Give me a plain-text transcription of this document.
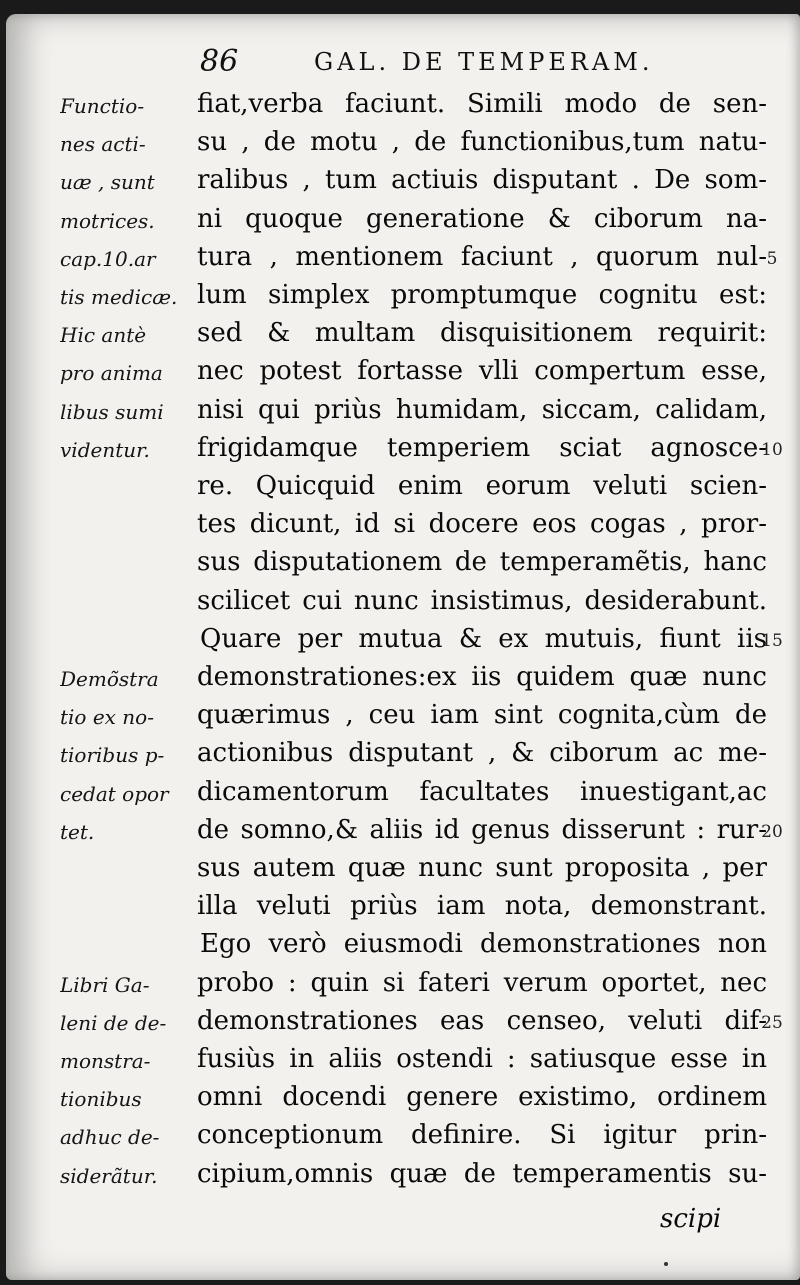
86	GAL. DE TEMPERAM.
Functio-	fiat,verba faciunt. Simili modo de sen-
nes acti-	su , de motu , de functionibus,tum natu-
uæ , sunt	ralibus , tum actiuis disputant . De som-
motrices.	ni quoque generatione & ciborum na-
cap.10.ar	tura , mentionem faciunt , quorum nul- 5
tis medicæ. lum simplex promptumque cognitu est:
Hic antè	sed & multam disquisitionem requirit:
pro anima	nec potest fortasse vlli compertum esse,
libus sumi	nisi qui priùs humidam, siccam, calidam,
videntur.	frigidamque temperiem sciat agnosce-
10
re. Quicquid enim eorum veluti scien-
tes dicunt, id si docere eos cogas , pror-
sus disputationem de temperamẽtis, hanc
scilicet cui nunc insistimus, desiderabunt.
Quare per mutua & ex mutuis, fiunt iis
15
Demõstra	demonstrationes:ex iis quidem quæ nunc
tio ex no-	quærimus , ceu iam sint cognita,cùm de
tioribus p-	actionibus disputant , & ciborum ac me-
cedat opor	dicamentorum facultates inuestigant,ac
tet.	de somno,& aliis id genus disserunt : rur-
20
sus autem quæ nunc sunt proposita , per
illa veluti priùs iam nota, demonstrant.
Ego verò eiusmodi demonstrationes non
Libri Ga-	probo : quin si fateri verum oportet, nec
leni de de-	demonstrationes eas censeo, veluti dif-
25
monstra-	fusiùs in aliis ostendi : satiusque esse in
tionibus	omni docendi genere existimo, ordinem
adhuc de-	conceptionum definire. Si igitur prin-
siderãtur.	cipium,omnis quæ de temperamentis su-
scipi
